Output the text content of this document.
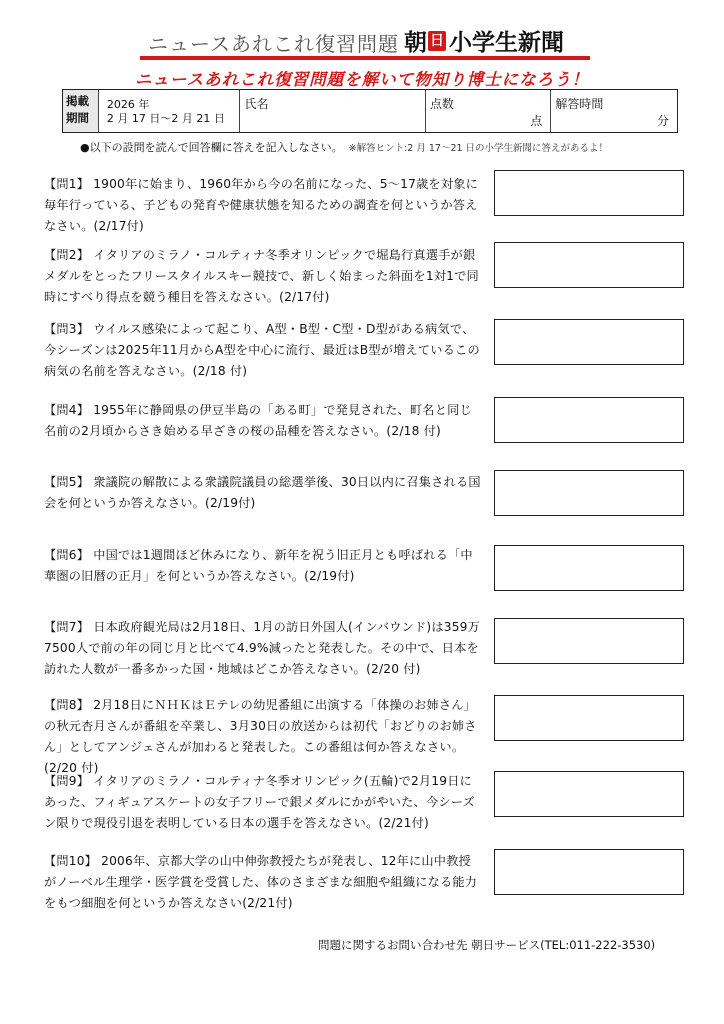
ニュースあれこれ復習問題 朝 日 小学生新聞
ニュースあれこれ復習問題を解いて物知り博士になろう！
掲載
期間
2026 年
2 月 17 日～2 月 21 日
氏名	点数
点
解答時間
分
●以下の設問を読んで回答欄に答えを記入しなさい。 ※解答ヒント:2 月 17～21 日の小学生新聞に答えがあるよ！
【問1】 1900年に始まり、1960年から今の名前になった、5～17歳を対象に毎年行っている、子どもの発育や健康状態を知るための調査を何というか答えなさい。(2/17付)
【問2】 イタリアのミラノ・コルティナ冬季オリンピックで堀島行真選手が銀メダルをとったフリースタイルスキー競技で、新しく始まった斜面を1対1で同時にすべり得点を競う種目を答えなさい。(2/17付)
【問3】 ウイルス感染によって起こり、A型・B型・C型・D型がある病気で、今シーズンは2025年11月からA型を中心に流行、最近はB型が増えているこの病気の名前を答えなさい。(2/18 付)
【問4】 1955年に静岡県の伊豆半島の「ある町」で発見された、町名と同じ名前の2月頃からさき始める早ざきの桜の品種を答えなさい。(2/18 付)
【問5】 衆議院の解散による衆議院議員の総選挙後、30日以内に召集される国会を何というか答えなさい。(2/19付)
【問6】 中国では1週間ほど休みになり、新年を祝う旧正月とも呼ばれる「中華圏の旧暦の正月」を何というか答えなさい。(2/19付)
【問7】 日本政府観光局は2月18日、1月の訪日外国人(インバウンド)は359万7500人で前の年の同じ月と比べて4.9%減ったと発表した。その中で、日本を訪れた人数が一番多かった国・地域はどこか答えなさい。(2/20 付)
【問8】 2月18日にＮＨＫはＥテレの幼児番組に出演する「体操のお姉さん」の秋元杏月さんが番組を卒業し、3月30日の放送からは初代「おどりのお姉さん」としてアンジェさんが加わると発表した。この番組は何か答えなさい。(2/20 付)
【問9】 イタリアのミラノ・コルティナ冬季オリンピック(五輪)で2月19日にあった、フィギュアスケートの女子フリーで銀メダルにかがやいた、今シーズン限りで現役引退を表明している日本の選手を答えなさい。(2/21付)
【問10】 2006年、京都大学の山中伸弥教授たちが発表し、12年に山中教授がノーベル生理学・医学賞を受賞した、体のさまざまな細胞や組織になる能力をもつ細胞を何というか答えなさい(2/21付)
問題に関するお問い合わせ先 朝日サービス(TEL:011-222-3530)
